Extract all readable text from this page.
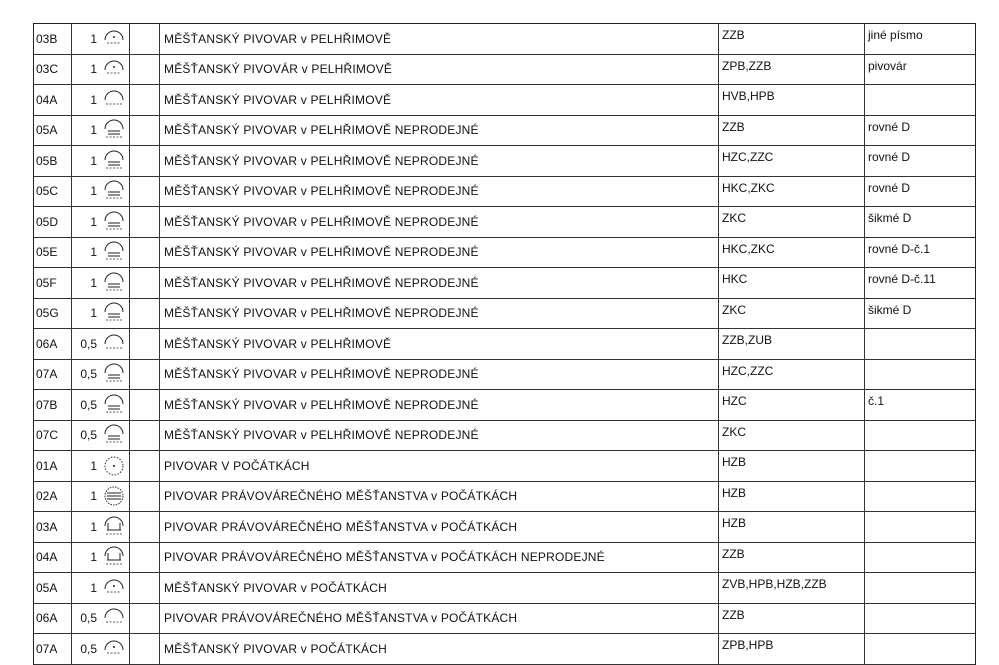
03B	1			MĚŠŤANSKÝ PIVOVAR v PELHŘIMOVĚ	ZZB	jiné písmo
03C	1			MĚŠŤANSKÝ PIVOVÁR v PELHŘIMOVĚ	ZPB,ZZB	pivovár
04A	1			MĚŠŤANSKÝ PIVOVAR v PELHŘIMOVĚ	HVB,HPB	
05A	1			MĚŠŤANSKÝ PIVOVAR v PELHŘIMOVĚ NEPRODEJNÉ	ZZB	rovné D
05B	1			MĚŠŤANSKÝ PIVOVAR v PELHŘIMOVĚ NEPRODEJNÉ	HZC,ZZC	rovné D
05C	1			MĚŠŤANSKÝ PIVOVAR v PELHŘIMOVĚ NEPRODEJNÉ	HKC,ZKC	rovné D
05D	1			MĚŠŤANSKÝ PIVOVAR v PELHŘIMOVĚ NEPRODEJNÉ	ZKC	šikmé D
05E	1			MĚŠŤANSKÝ PIVOVAR v PELHŘIMOVĚ NEPRODEJNÉ	HKC,ZKC	rovné D-č.1
05F	1			MĚŠŤANSKÝ PIVOVAR v PELHŘIMOVĚ NEPRODEJNÉ	HKC	rovné D-č.11
05G	1			MĚŠŤANSKÝ PIVOVAR v PELHŘIMOVĚ NEPRODEJNÉ	ZKC	šikmé D
06A	0,5			MĚŠŤANSKÝ PIVOVAR v PELHŘIMOVĚ	ZZB,ZUB	
07A	0,5			MĚŠŤANSKÝ PIVOVAR v PELHŘIMOVĚ NEPRODEJNÉ	HZC,ZZC	
07B	0,5			MĚŠŤANSKÝ PIVOVAR v PELHŘIMOVĚ NEPRODEJNÉ	HZC	č.1
07C	0,5			MĚŠŤANSKÝ PIVOVAR v PELHŘIMOVĚ NEPRODEJNÉ	ZKC	
01A	1			PIVOVAR V POČÁTKÁCH	HZB	
02A	1			PIVOVAR PRÁVOVÁREČNÉHO MĚŠŤANSTVA v POČÁTKÁCH	HZB	
03A	1			PIVOVAR PRÁVOVÁREČNÉHO MĚŠŤANSTVA v POČÁTKÁCH	HZB	
04A	1			PIVOVAR PRÁVOVÁREČNÉHO MĚŠŤANSTVA v POČÁTKÁCH NEPRODEJNÉ	ZZB	
05A	1			MĚŠŤANSKÝ PIVOVAR v POČÁTKÁCH	ZVB,HPB,HZB,ZZB	
06A	0,5			PIVOVAR PRÁVOVÁREČNÉHO MĚŠŤANSTVA v POČÁTKÁCH	ZZB	
07A	0,5			MĚŠŤANSKÝ PIVOVAR v POČÁTKÁCH	ZPB,HPB	
